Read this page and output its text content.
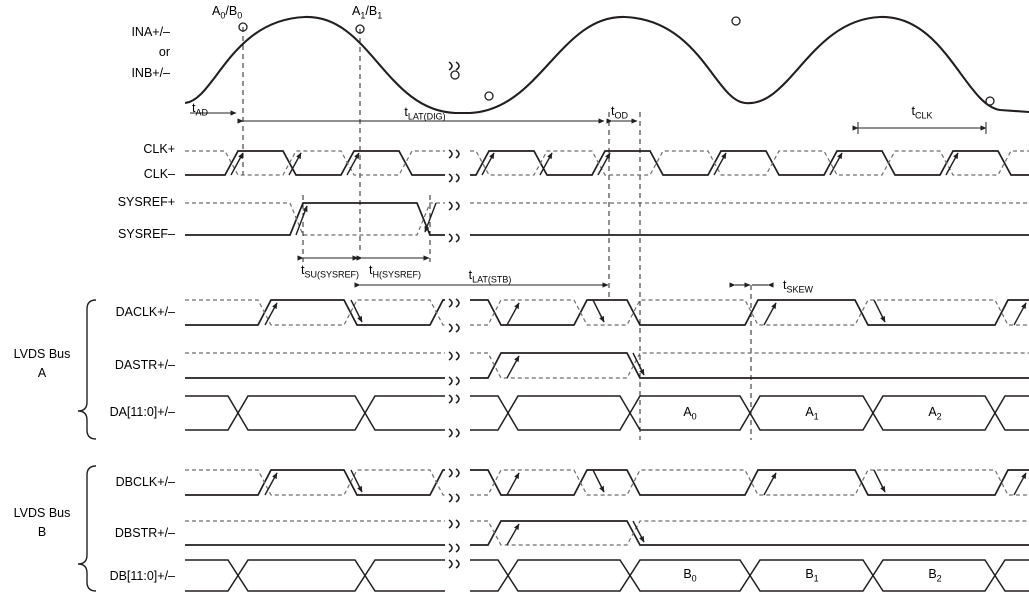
INA+/–
or
INB+/–
CLK+
CLK–
SYSREF+
SYSREF–
DACLK+/–
DASTR+/–
DA[11:0]+/–
DBCLK+/–
DBSTR+/–
DB[11:0]+/–
LVDS Bus
A
LVDS Bus
B
$A_0/B_0$	$A_1/B_1$
$t_{AD}$	$t_{LAT(DIG)}$	$t_{OD}$	$t_{CLK}$
$t_{SU(SYSREF)}$ $t_{H(SYSREF)}$	$t_{LAT(STB)}$	$t_{SKEW}$
$A_0$	$A_1$	$A_2$
$B_0$	$B_1$	$B_2$
